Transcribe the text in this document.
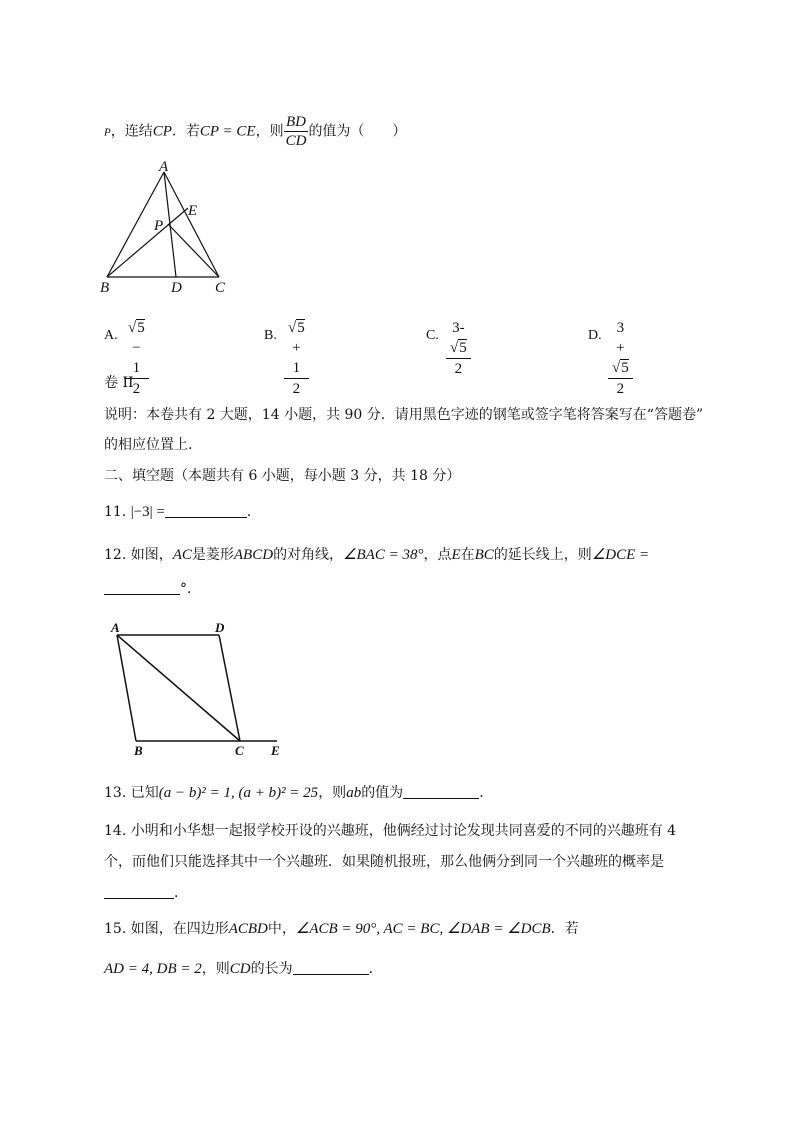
P，连结CP．若CP = CE，则 $\frac{BD}{CD}$ 的值为（　　）
A
E
P
B	D C
A. $\frac{√5 - 1}{2}$	B. $\frac{√5 + 1}{2}$	C. $\frac{3- √5}{2}$	D. $\frac{3 + √5}{2}$
卷 II
说明：本卷共有 2 大题，14 小题，共 90 分．请用黑色字迹的钢笔或签字笔将答案写在“答题卷”
的相应位置上．
二、填空题（本题共有 6 小题，每小题 3 分，共 18 分）
11. |−3| =	．
12. 如图，AC是菱形ABCD的对角线，∠BAC = 38°，点E在BC的延长线上，则∠DCE =
°．
A	D
B	C E
13. 已知(a − b)² = 1, (a + b)² = 25，则ab的值为	．
14. 小明和小华想一起报学校开设的兴趣班，他俩经过讨论发现共同喜爱的不同的兴趣班有 4
个，而他们只能选择其中一个兴趣班．如果随机报班，那么他俩分到同一个兴趣班的概率是
．
15. 如图，在四边形ACBD中，∠ACB = 90°, AC = BC, ∠DAB = ∠DCB．若
AD = 4, DB = 2，则CD的长为	．
